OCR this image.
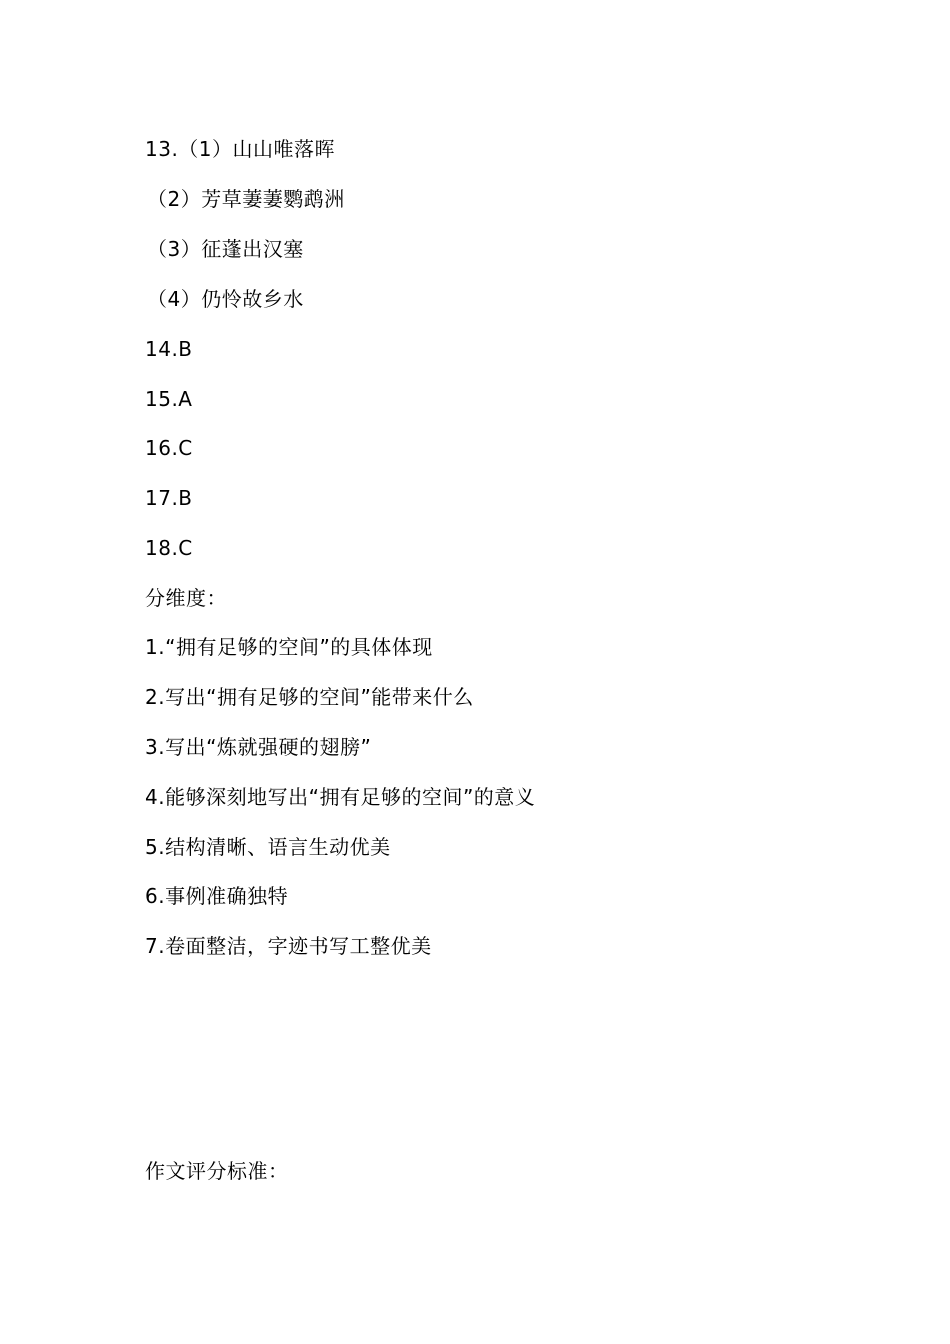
13.（1）山山唯落晖
（2）芳草萋萋鹦鹉洲
（3）征蓬出汉塞
（4）仍怜故乡水
14.B
15.A
16.C
17.B
18.C
分维度：
1.“拥有足够的空间”的具体体现
2.写出“拥有足够的空间”能带来什么
3.写出“炼就强硬的翅膀”
4.能够深刻地写出“拥有足够的空间”的意义
5.结构清晰、语言生动优美
6.事例准确独特
7.卷面整洁，字迹书写工整优美
作文评分标准：
